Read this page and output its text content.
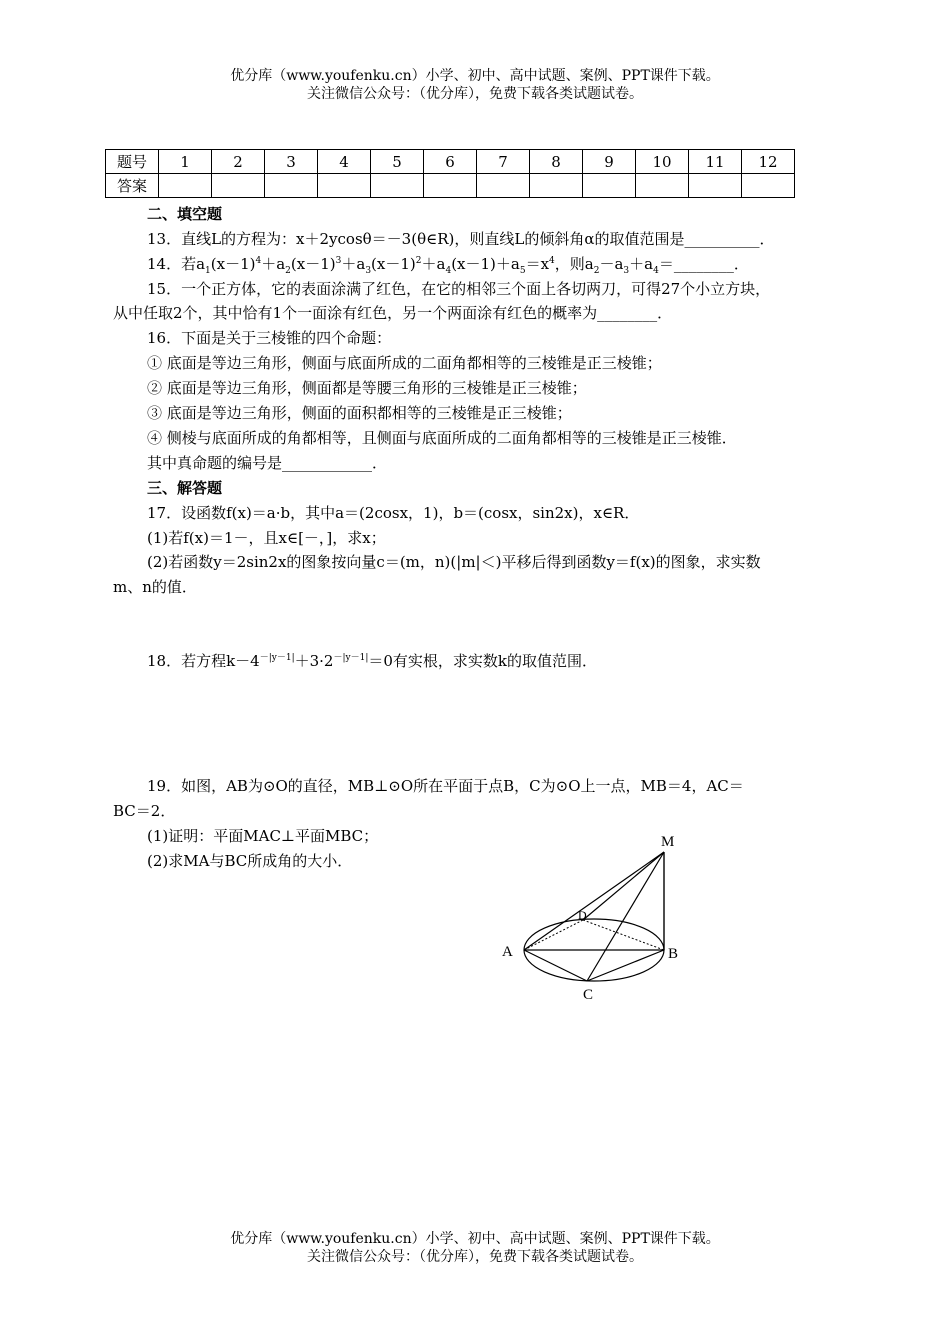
优分库（www.youfenku.cn）小学、初中、高中试题、案例、PPT课件下载。
关注微信公众号：（优分库），免费下载各类试题试卷。
题号	1	2	3	4	5	6	7	8	9	10	11	12
答案												
二、填空题
13．直线L的方程为：x＋2ycosθ＝－3(θ∈R)，则直线L的倾斜角α的取值范围是__________．
14．若$a_1(x-1)^4+a_2(x-1)^3+a_3(x-1)^2+a_4(x-1)+a_5=x^4$，则$a_2-a_3+a_4=\_\_\_\_\_\_\_\_$．
15．一个正方体，它的表面涂满了红色，在它的相邻三个面上各切两刀，可得27个小立方块，
从中任取2个，其中恰有1个一面涂有红色，另一个两面涂有红色的概率为________．
16．下面是关于三棱锥的四个命题：
① 底面是等边三角形，侧面与底面所成的二面角都相等的三棱锥是正三棱锥；
② 底面是等边三角形，侧面都是等腰三角形的三棱锥是正三棱锥；
③ 底面是等边三角形，侧面的面积都相等的三棱锥是正三棱锥；
④ 侧棱与底面所成的角都相等，且侧面与底面所成的二面角都相等的三棱锥是正三棱锥．
其中真命题的编号是____________．
三、解答题
17．设函数f(x)＝a·b，其中a＝(2cosx，1)，b＝(cosx，sin2x)，x∈R．
(1)若f(x)＝1－，且x∈[－，]，求x；
(2)若函数y＝2sin2x的图象按向量c＝(m，n)(|m|＜)平移后得到函数y＝f(x)的图象，求实数
m、n的值．
18．若方程$k-4^{-|y-1|}+3\cdot 2^{-|y-1|}=0$有实根，求实数k的取值范围．
19．如图，AB为⊙O的直径，MB⊥⊙O所在平面于点B，C为⊙O上一点，MB＝4，AC＝
BC＝2．
(1)证明：平面MAC⊥平面MBC；
(2)求MA与BC所成角的大小．
M
D
A	B
C
优分库（www.youfenku.cn）小学、初中、高中试题、案例、PPT课件下载。
关注微信公众号：（优分库），免费下载各类试题试卷。
